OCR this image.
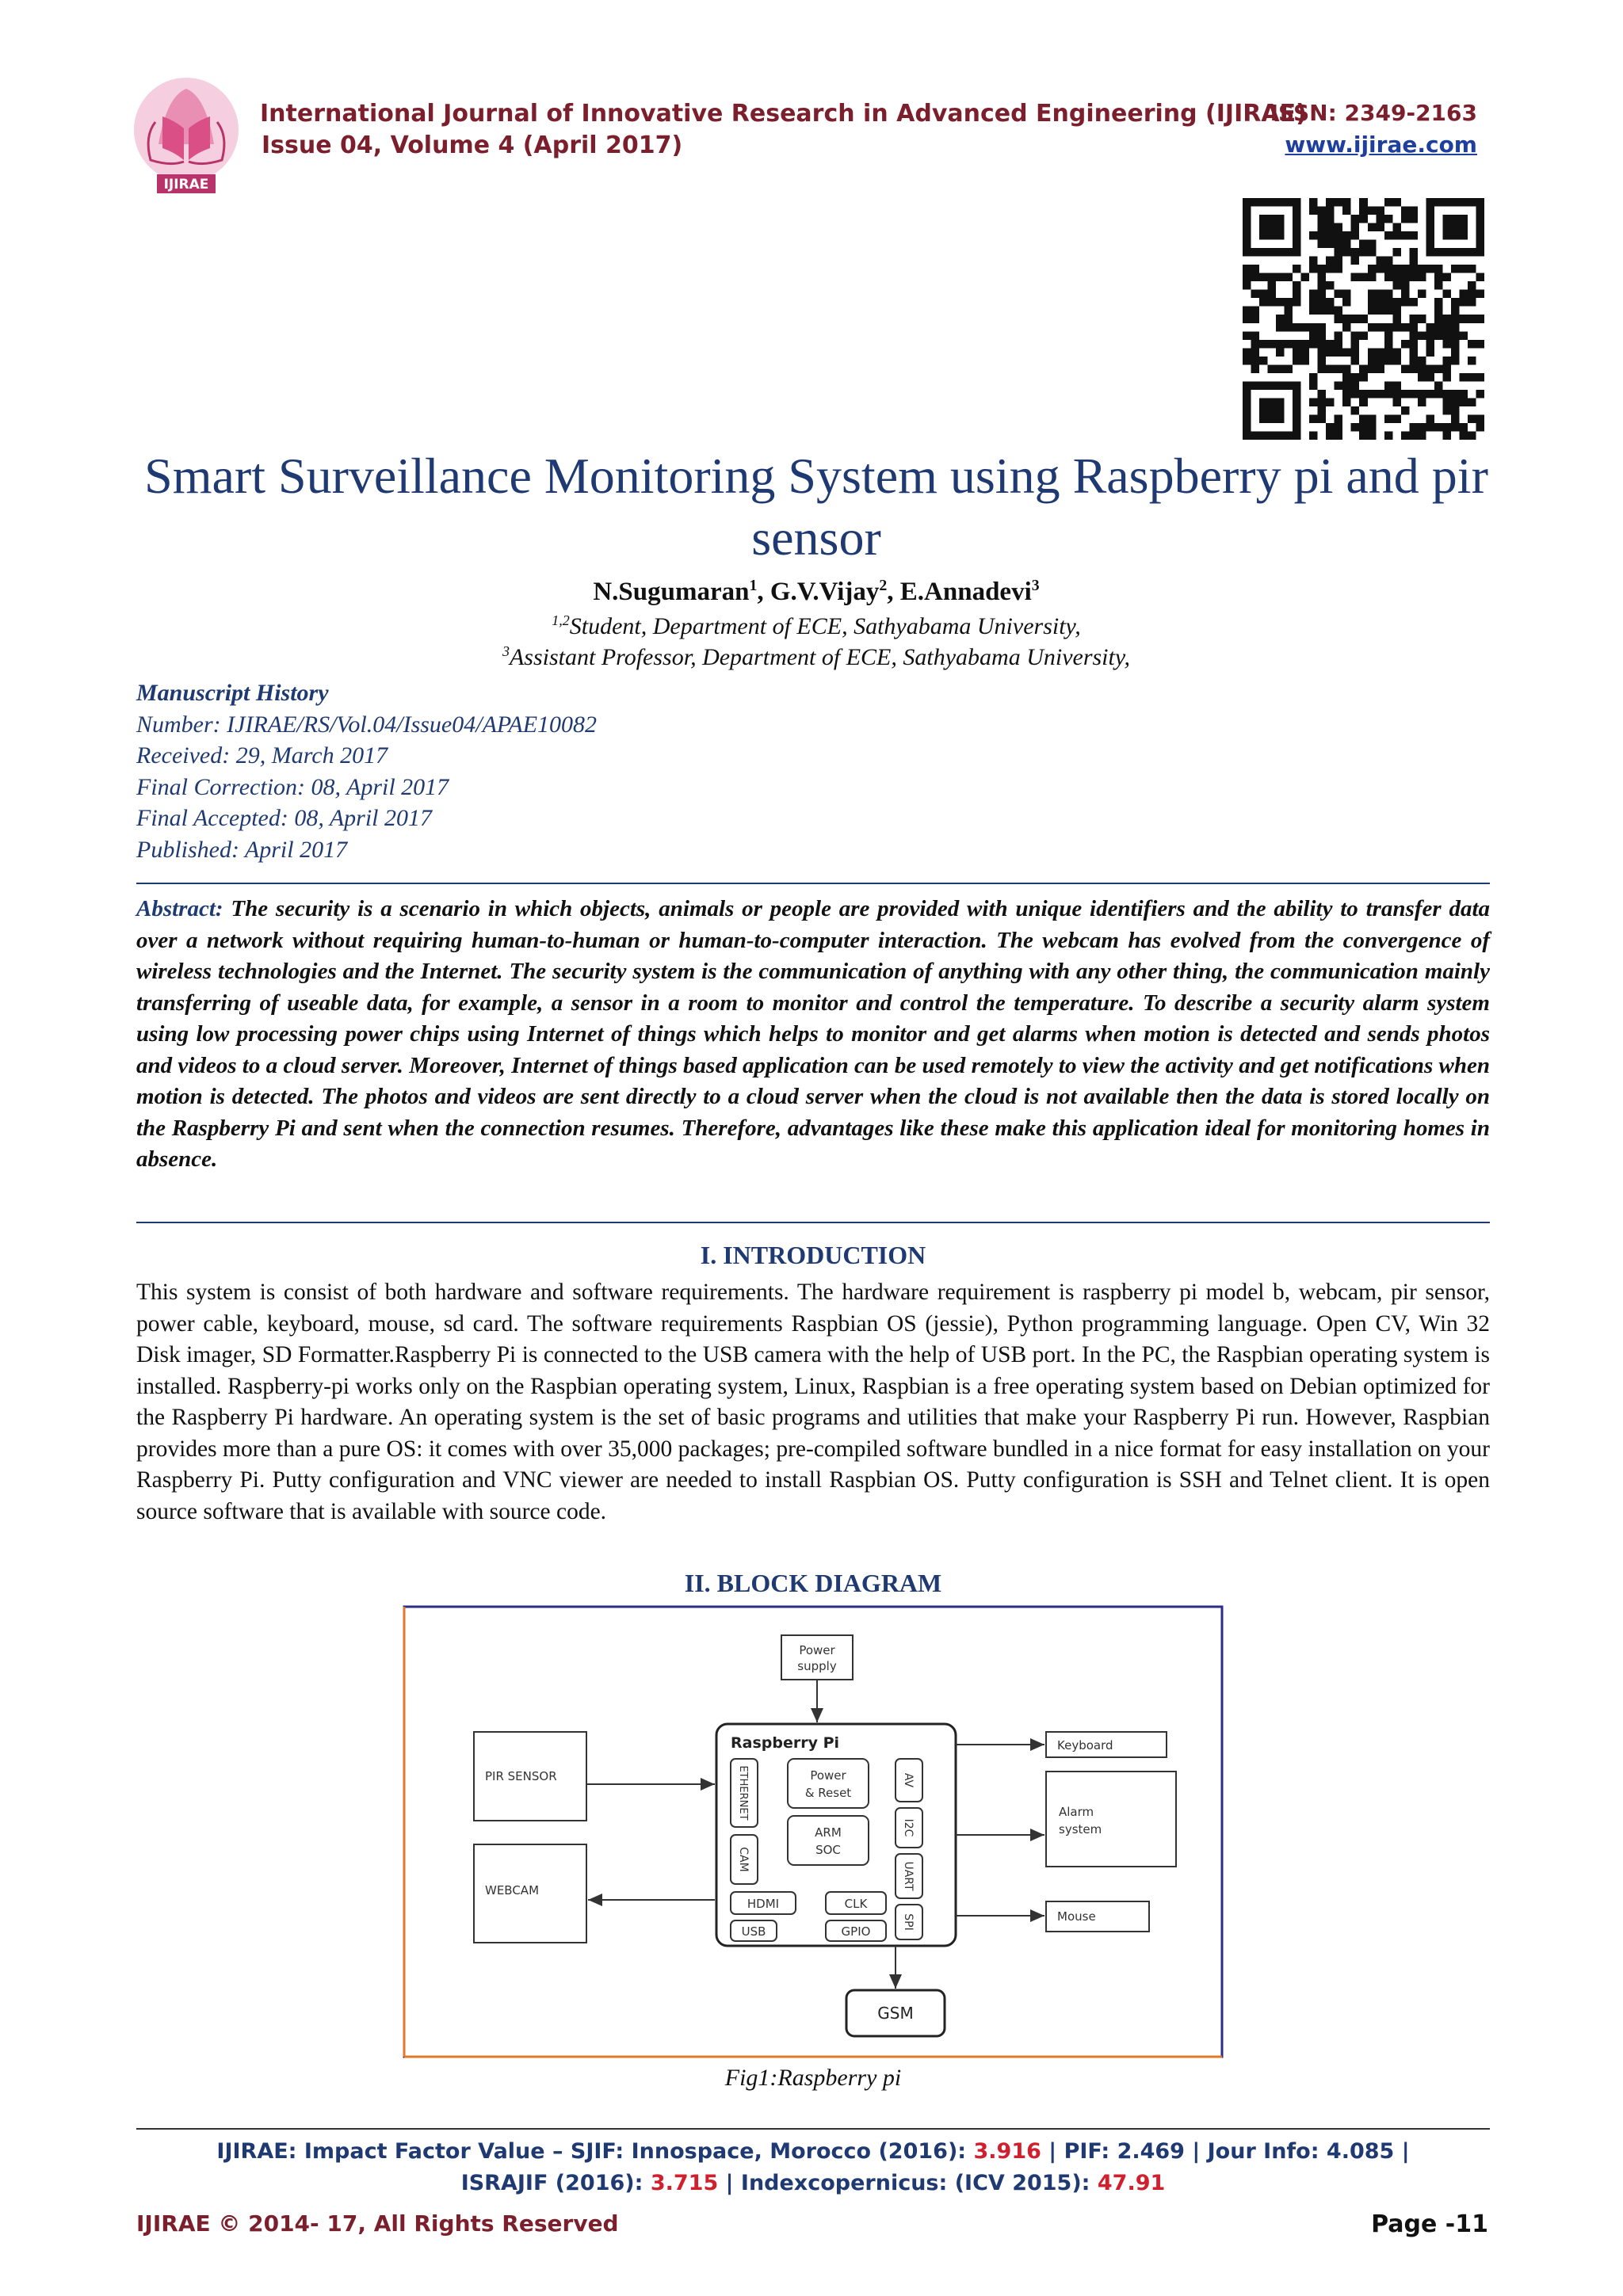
IJIRAE
International Journal of Innovative Research in Advanced Engineering (IJIRAE)
Issue 04, Volume 4 (April 2017)
ISSN: 2349-2163
www.ijirae.com
Smart Surveillance Monitoring System using Raspberry pi and pir sensor
N.Sugumaran$^1$, G.V.Vijay$^2$, E.Annadevi$^3$
$^{1,2}$Student, Department of ECE, Sathyabama University,
$^3$Assistant Professor, Department of ECE, Sathyabama University,
Manuscript History
Number: IJIRAE/RS/Vol.04/Issue04/APAE10082
Received: 29, March 2017
Final Correction: 08, April 2017
Final Accepted: 08, April 2017
Published: April 2017
Abstract: The security is a scenario in which objects, animals or people are provided with unique identifiers and the ability to transfer data over a network without requiring human-to-human or human-to-computer interaction. The webcam has evolved from the convergence of wireless technologies and the Internet. The security system is the communication of anything with any other thing, the communication mainly transferring of useable data, for example, a sensor in a room to monitor and control the temperature. To describe a security alarm system using low processing power chips using Internet of things which helps to monitor and get alarms when motion is detected and sends photos and videos to a cloud server. Moreover, Internet of things based application can be used remotely to view the activity and get notifications when motion is detected. The photos and videos are sent directly to a cloud server when the cloud is not available then the data is stored locally on the Raspberry Pi and sent when the connection resumes. Therefore, advantages like these make this application ideal for monitoring homes in absence.
I. INTRODUCTION
This system is consist of both hardware and software requirements. The hardware requirement is raspberry pi model b, webcam, pir sensor, power cable, keyboard, mouse, sd card. The software requirements Raspbian OS (jessie), Python programming language. Open CV, Win 32 Disk imager, SD Formatter.Raspberry Pi is connected to the USB camera with the help of USB port. In the PC, the Raspbian operating system is installed. Raspberry-pi works only on the Raspbian operating system, Linux, Raspbian is a free operating system based on Debian optimized for the Raspberry Pi hardware. An operating system is the set of basic programs and utilities that make your Raspberry Pi run. However, Raspbian provides more than a pure OS: it comes with over 35,000 packages; pre-compiled software bundled in a nice format for easy installation on your Raspberry Pi. Putty configuration and VNC viewer are needed to install Raspbian OS. Putty configuration is SSH and Telnet client. It is open source software that is available with source code.
II. BLOCK DIAGRAM
Power
supply
Raspberry Pi
ETHERNET
CAM
Power
& Reset
ARM
SOC
AV
I2C
UART
SPI
HDMI	CLK
USB	GPIO
PIR SENSOR
WEBCAM
Keyboard
Alarm
system
Mouse
GSM
Fig1:Raspberry pi
IJIRAE: Impact Factor Value – SJIF: Innospace, Morocco (2016): 3.916 | PIF: 2.469 | Jour Info: 4.085 |
ISRAJIF (2016): 3.715 | Indexcopernicus: (ICV 2015): 47.91
IJIRAE © 2014- 17, All Rights Reserved	Page -11
